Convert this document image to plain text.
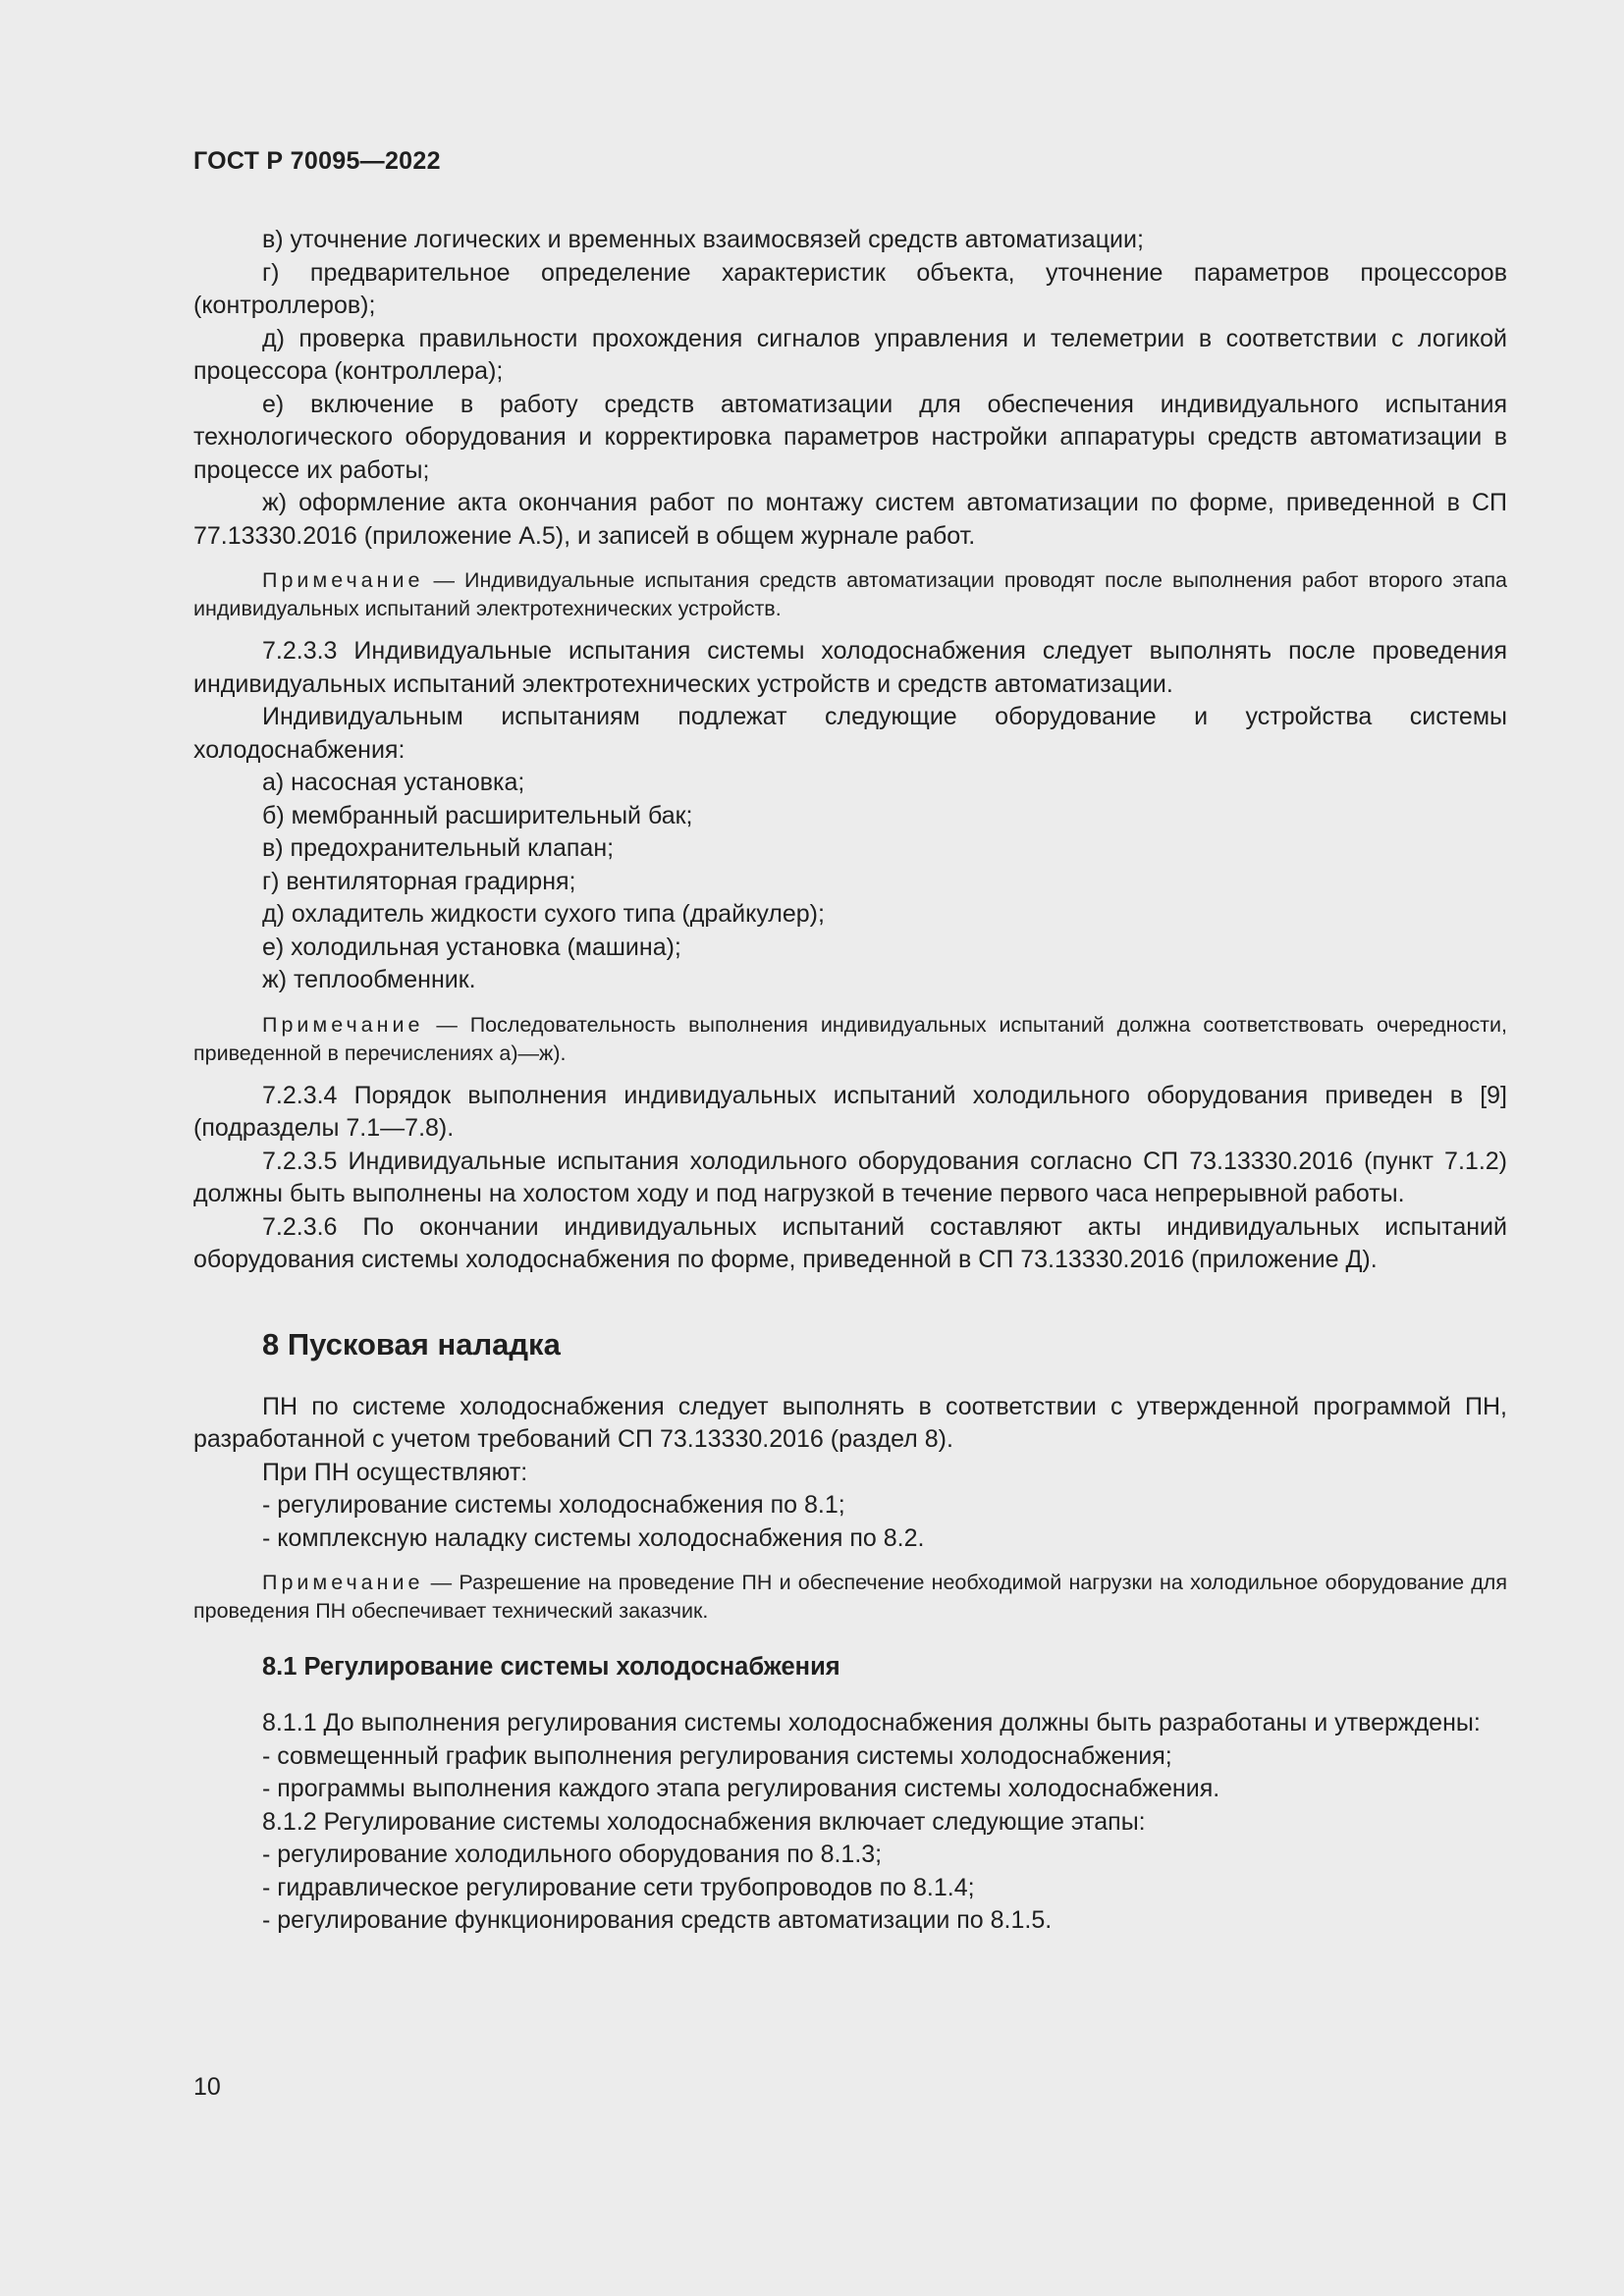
ГОСТ Р 70095—2022

в) уточнение логических и временных взаимосвязей средств автоматизации;

г) предварительное определение характеристик объекта, уточнение параметров процессоров (контроллеров);

д) проверка правильности прохождения сигналов управления и телеметрии в соответствии с логикой процессора (контроллера);

е) включение в работу средств автоматизации для обеспечения индивидуального испытания технологического оборудования и корректировка параметров настройки аппаратуры средств автоматизации в процессе их работы;

ж) оформление акта окончания работ по монтажу систем автоматизации по форме, приведенной в СП 77.13330.2016 (приложение А.5), и записей в общем журнале работ.

Примечание — Индивидуальные испытания средств автоматизации проводят после выполнения работ второго этапа индивидуальных испытаний электротехнических устройств.

7.2.3.3 Индивидуальные испытания системы холодоснабжения следует выполнять после проведения индивидуальных испытаний электротехнических устройств и средств автоматизации.

Индивидуальным испытаниям подлежат следующие оборудование и устройства системы холодоснабжения:

а) насосная установка;

б) мембранный расширительный бак;

в) предохранительный клапан;

г) вентиляторная градирня;

д) охладитель жидкости сухого типа (драйкулер);

е) холодильная установка (машина);

ж) теплообменник.

Примечание — Последовательность выполнения индивидуальных испытаний должна соответствовать очередности, приведенной в перечислениях а)—ж).

7.2.3.4 Порядок выполнения индивидуальных испытаний холодильного оборудования приведен в [9] (подразделы 7.1—7.8).

7.2.3.5 Индивидуальные испытания холодильного оборудования согласно СП 73.13330.2016 (пункт 7.1.2) должны быть выполнены на холостом ходу и под нагрузкой в течение первого часа непрерывной работы.

7.2.3.6 По окончании индивидуальных испытаний составляют акты индивидуальных испытаний оборудования системы холодоснабжения по форме, приведенной в СП 73.13330.2016 (приложение Д).

8 Пусковая наладка

ПН по системе холодоснабжения следует выполнять в соответствии с утвержденной программой ПН, разработанной с учетом требований СП 73.13330.2016 (раздел 8).

При ПН осуществляют:

- регулирование системы холодоснабжения по 8.1;

- комплексную наладку системы холодоснабжения по 8.2.

Примечание — Разрешение на проведение ПН и обеспечение необходимой нагрузки на холодильное оборудование для проведения ПН обеспечивает технический заказчик.

8.1 Регулирование системы холодоснабжения

8.1.1 До выполнения регулирования системы холодоснабжения должны быть разработаны и утверждены:

- совмещенный график выполнения регулирования системы холодоснабжения;

- программы выполнения каждого этапа регулирования системы холодоснабжения.

8.1.2 Регулирование системы холодоснабжения включает следующие этапы:

- регулирование холодильного оборудования по 8.1.3;

- гидравлическое регулирование сети трубопроводов по 8.1.4;

- регулирование функционирования средств автоматизации по 8.1.5.

10
